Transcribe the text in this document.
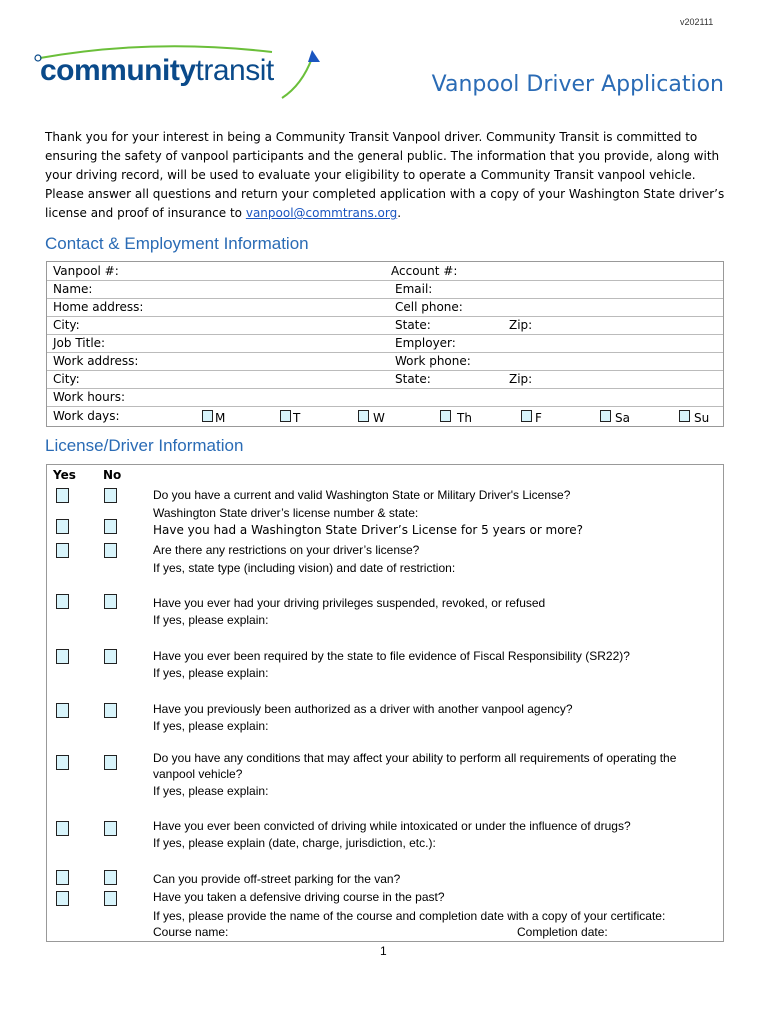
v202111
communitytransit	Vanpool Driver Application
Thank you for your interest in being a Community Transit Vanpool driver. Community Transit is committed to ensuring the safety of vanpool participants and the general public. The information that you provide, along with your driving record, will be used to evaluate your eligibility to operate a Community Transit vanpool vehicle. Please answer all questions and return your completed application with a copy of your Washington State driver’s license and proof of insurance to vanpool@commtrans.org.
Contact & Employment Information
Vanpool #:	Account #:
Name:	Email:
Home address:	Cell phone:
City:	State:	Zip:
Job Title:	Employer:
Work address:	Work phone:
City:	State:	Zip:
Work hours:
Work days:	M	T	W	Th	F	Sa	Su
License/Driver Information
Yes No
Do you have a current and valid Washington State or Military Driver's License?
Washington State driver’s license number & state:
Have you had a Washington State Driver’s License for 5 years or more?
Are there any restrictions on your driver’s license?
If yes, state type (including vision) and date of restriction:
Have you ever had your driving privileges suspended, revoked, or refused
If yes, please explain:
Have you ever been required by the state to file evidence of Fiscal Responsibility (SR22)?
If yes, please explain:
Have you previously been authorized as a driver with another vanpool agency?
If yes, please explain:
Do you have any conditions that may affect your ability to perform all requirements of operating the
vanpool vehicle?
If yes, please explain:
Have you ever been convicted of driving while intoxicated or under the influence of drugs?
If yes, please explain (date, charge, jurisdiction, etc.):
Can you provide off-street parking for the van?
Have you taken a defensive driving course in the past?
If yes, please provide the name of the course and completion date with a copy of your certificate:
Course name:	Completion date:
1
